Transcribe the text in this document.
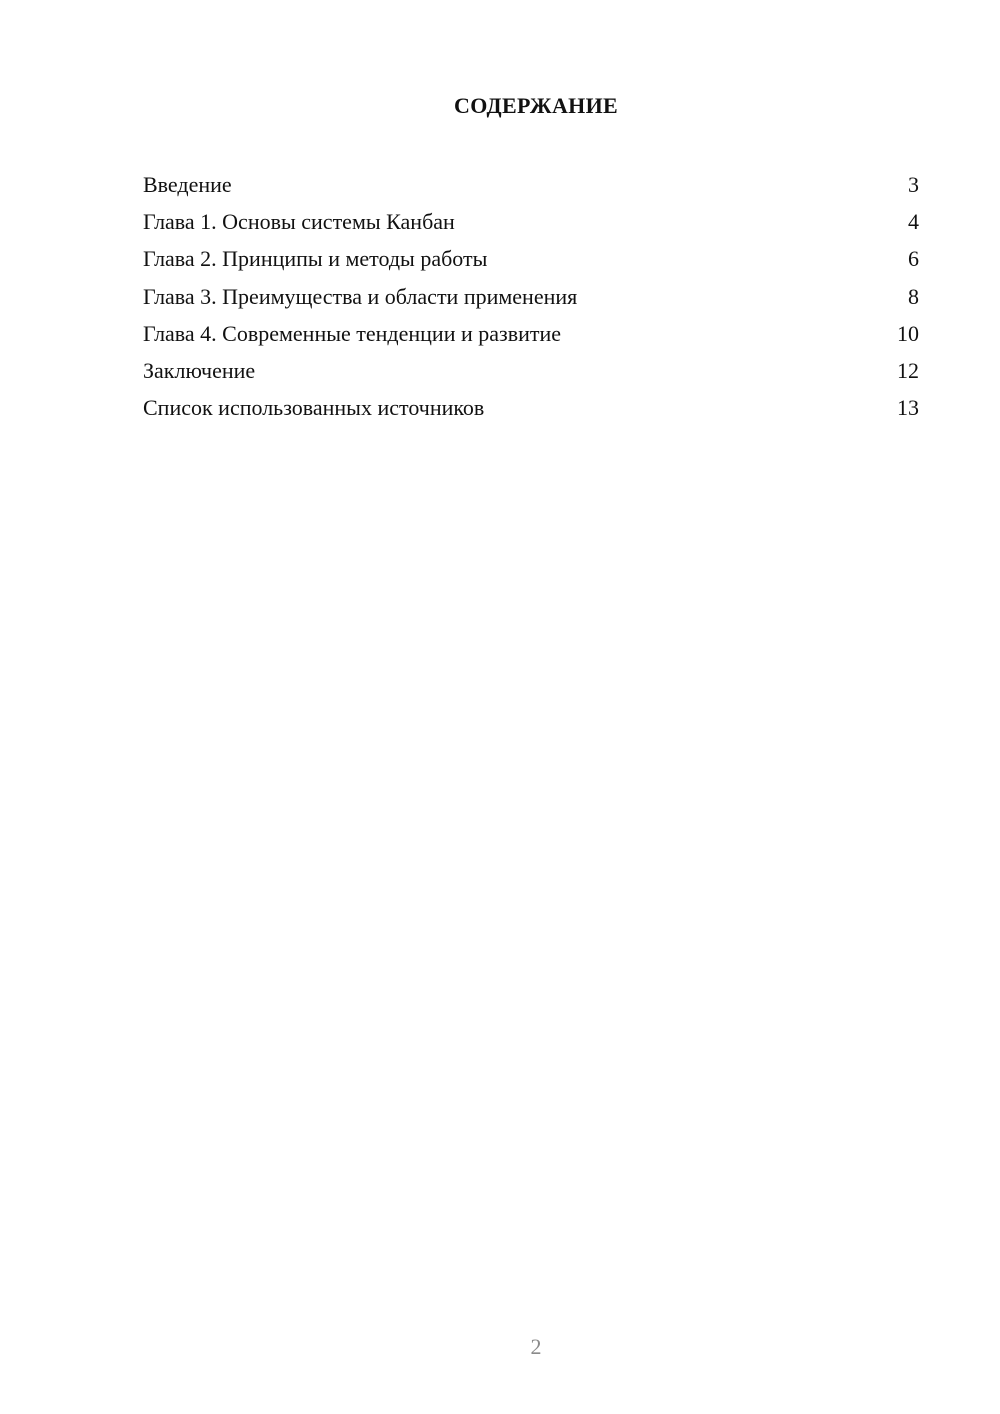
СОДЕРЖАНИЕ
Введение	3
Глава 1. Основы системы Канбан	4
Глава 2. Принципы и методы работы	6
Глава 3. Преимущества и области применения	8
Глава 4. Современные тенденции и развитие	10
Заключение	12
Список использованных источников	13
2
